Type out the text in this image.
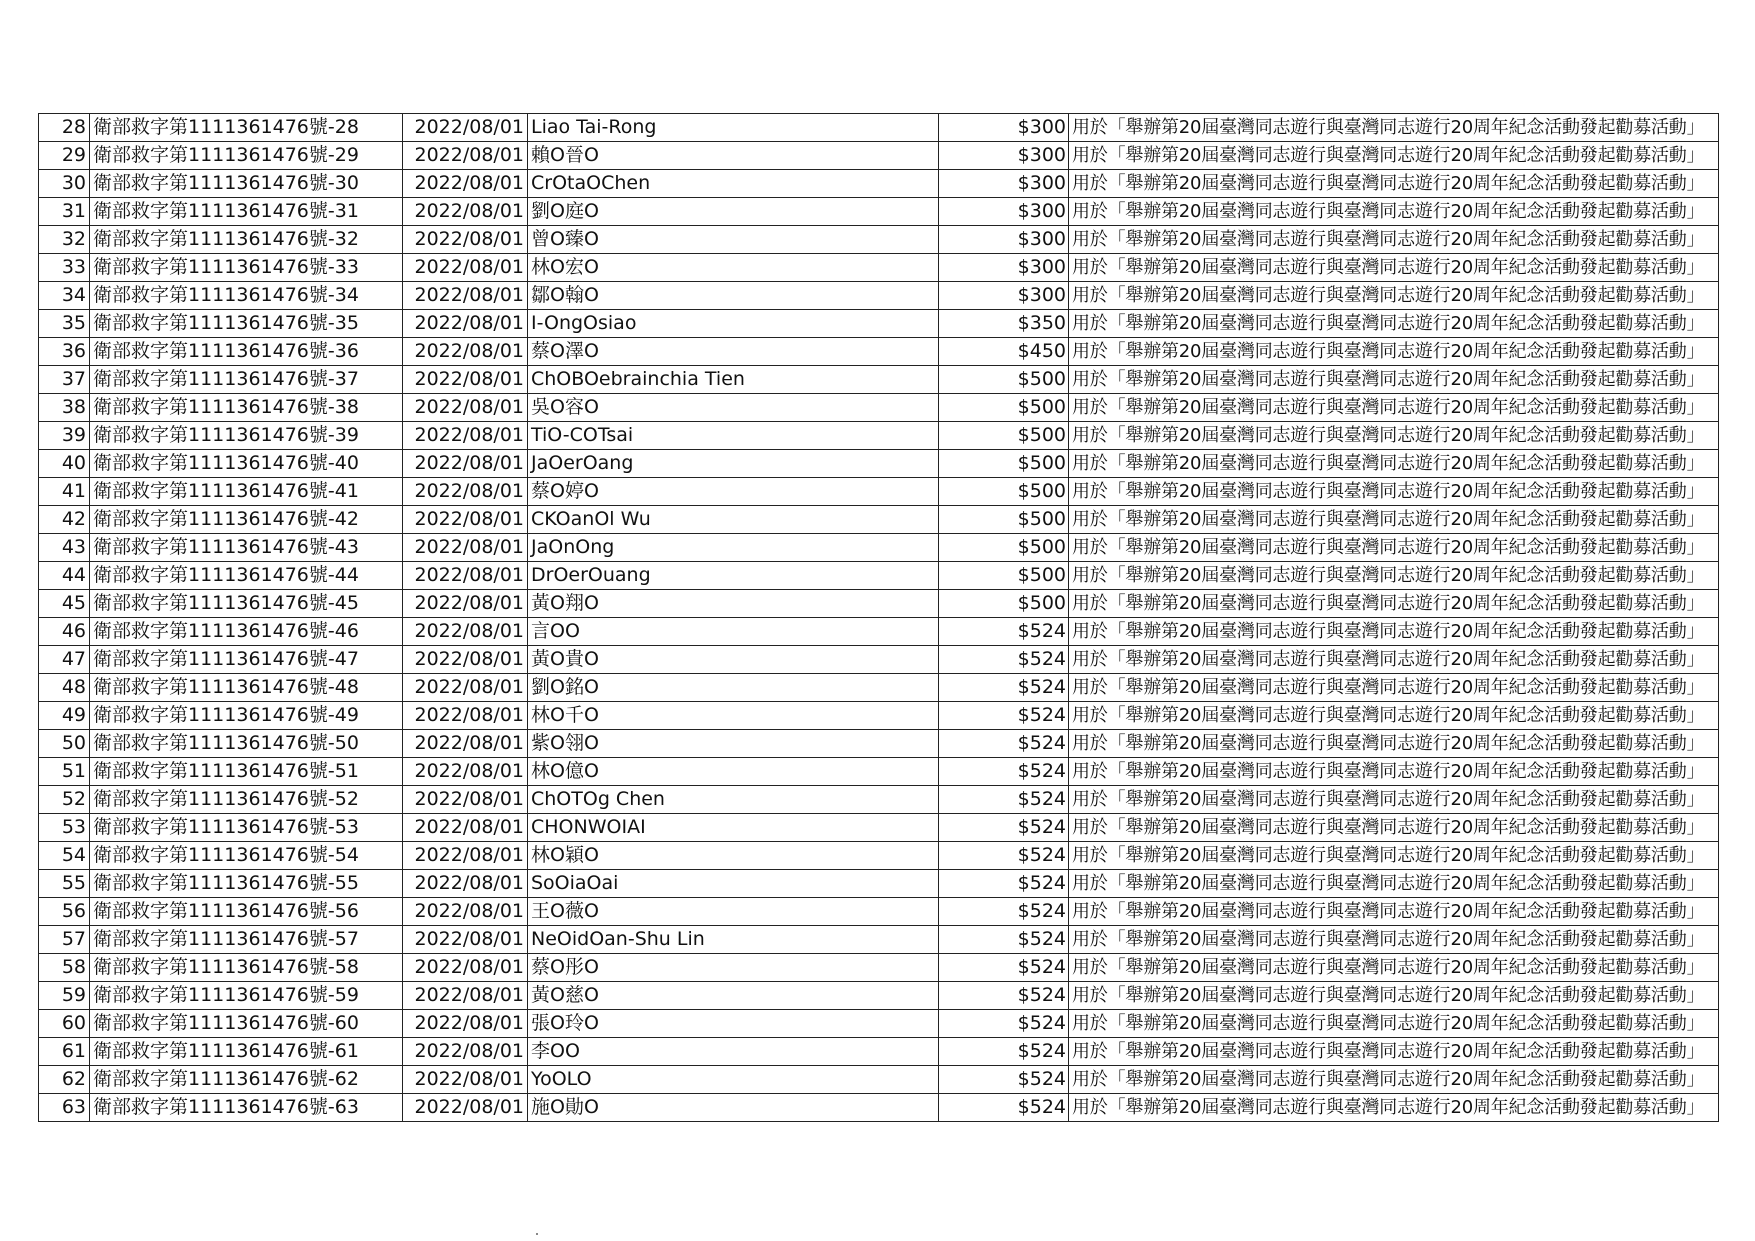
28	衛部救字第1111361476號-28	2022/08/01	Liao Tai-Rong	$300	用於「舉辦第20屆臺灣同志遊行與臺灣同志遊行20周年紀念活動發起勸募活動」
29	衛部救字第1111361476號-29	2022/08/01	賴O晉O	$300	用於「舉辦第20屆臺灣同志遊行與臺灣同志遊行20周年紀念活動發起勸募活動」
30	衛部救字第1111361476號-30	2022/08/01	CrOtaOChen	$300	用於「舉辦第20屆臺灣同志遊行與臺灣同志遊行20周年紀念活動發起勸募活動」
31	衛部救字第1111361476號-31	2022/08/01	劉O庭O	$300	用於「舉辦第20屆臺灣同志遊行與臺灣同志遊行20周年紀念活動發起勸募活動」
32	衛部救字第1111361476號-32	2022/08/01	曾O臻O	$300	用於「舉辦第20屆臺灣同志遊行與臺灣同志遊行20周年紀念活動發起勸募活動」
33	衛部救字第1111361476號-33	2022/08/01	林O宏O	$300	用於「舉辦第20屆臺灣同志遊行與臺灣同志遊行20周年紀念活動發起勸募活動」
34	衛部救字第1111361476號-34	2022/08/01	鄒O翰O	$300	用於「舉辦第20屆臺灣同志遊行與臺灣同志遊行20周年紀念活動發起勸募活動」
35	衛部救字第1111361476號-35	2022/08/01	I-OngOsiao	$350	用於「舉辦第20屆臺灣同志遊行與臺灣同志遊行20周年紀念活動發起勸募活動」
36	衛部救字第1111361476號-36	2022/08/01	蔡O澤O	$450	用於「舉辦第20屆臺灣同志遊行與臺灣同志遊行20周年紀念活動發起勸募活動」
37	衛部救字第1111361476號-37	2022/08/01	ChOBOebrainchia Tien	$500	用於「舉辦第20屆臺灣同志遊行與臺灣同志遊行20周年紀念活動發起勸募活動」
38	衛部救字第1111361476號-38	2022/08/01	吳O容O	$500	用於「舉辦第20屆臺灣同志遊行與臺灣同志遊行20周年紀念活動發起勸募活動」
39	衛部救字第1111361476號-39	2022/08/01	TiO-COTsai	$500	用於「舉辦第20屆臺灣同志遊行與臺灣同志遊行20周年紀念活動發起勸募活動」
40	衛部救字第1111361476號-40	2022/08/01	JaOerOang	$500	用於「舉辦第20屆臺灣同志遊行與臺灣同志遊行20周年紀念活動發起勸募活動」
41	衛部救字第1111361476號-41	2022/08/01	蔡O婷O	$500	用於「舉辦第20屆臺灣同志遊行與臺灣同志遊行20周年紀念活動發起勸募活動」
42	衛部救字第1111361476號-42	2022/08/01	CKOanOl Wu	$500	用於「舉辦第20屆臺灣同志遊行與臺灣同志遊行20周年紀念活動發起勸募活動」
43	衛部救字第1111361476號-43	2022/08/01	JaOnOng	$500	用於「舉辦第20屆臺灣同志遊行與臺灣同志遊行20周年紀念活動發起勸募活動」
44	衛部救字第1111361476號-44	2022/08/01	DrOerOuang	$500	用於「舉辦第20屆臺灣同志遊行與臺灣同志遊行20周年紀念活動發起勸募活動」
45	衛部救字第1111361476號-45	2022/08/01	黃O翔O	$500	用於「舉辦第20屆臺灣同志遊行與臺灣同志遊行20周年紀念活動發起勸募活動」
46	衛部救字第1111361476號-46	2022/08/01	言OO	$524	用於「舉辦第20屆臺灣同志遊行與臺灣同志遊行20周年紀念活動發起勸募活動」
47	衛部救字第1111361476號-47	2022/08/01	黃O貴O	$524	用於「舉辦第20屆臺灣同志遊行與臺灣同志遊行20周年紀念活動發起勸募活動」
48	衛部救字第1111361476號-48	2022/08/01	劉O銘O	$524	用於「舉辦第20屆臺灣同志遊行與臺灣同志遊行20周年紀念活動發起勸募活動」
49	衛部救字第1111361476號-49	2022/08/01	林O千O	$524	用於「舉辦第20屆臺灣同志遊行與臺灣同志遊行20周年紀念活動發起勸募活動」
50	衛部救字第1111361476號-50	2022/08/01	紫O翎O	$524	用於「舉辦第20屆臺灣同志遊行與臺灣同志遊行20周年紀念活動發起勸募活動」
51	衛部救字第1111361476號-51	2022/08/01	林O億O	$524	用於「舉辦第20屆臺灣同志遊行與臺灣同志遊行20周年紀念活動發起勸募活動」
52	衛部救字第1111361476號-52	2022/08/01	ChOTOg Chen	$524	用於「舉辦第20屆臺灣同志遊行與臺灣同志遊行20周年紀念活動發起勸募活動」
53	衛部救字第1111361476號-53	2022/08/01	CHONWOIAI	$524	用於「舉辦第20屆臺灣同志遊行與臺灣同志遊行20周年紀念活動發起勸募活動」
54	衛部救字第1111361476號-54	2022/08/01	林O穎O	$524	用於「舉辦第20屆臺灣同志遊行與臺灣同志遊行20周年紀念活動發起勸募活動」
55	衛部救字第1111361476號-55	2022/08/01	SoOiaOai	$524	用於「舉辦第20屆臺灣同志遊行與臺灣同志遊行20周年紀念活動發起勸募活動」
56	衛部救字第1111361476號-56	2022/08/01	王O薇O	$524	用於「舉辦第20屆臺灣同志遊行與臺灣同志遊行20周年紀念活動發起勸募活動」
57	衛部救字第1111361476號-57	2022/08/01	NeOidOan-Shu Lin	$524	用於「舉辦第20屆臺灣同志遊行與臺灣同志遊行20周年紀念活動發起勸募活動」
58	衛部救字第1111361476號-58	2022/08/01	蔡O彤O	$524	用於「舉辦第20屆臺灣同志遊行與臺灣同志遊行20周年紀念活動發起勸募活動」
59	衛部救字第1111361476號-59	2022/08/01	黃O慈O	$524	用於「舉辦第20屆臺灣同志遊行與臺灣同志遊行20周年紀念活動發起勸募活動」
60	衛部救字第1111361476號-60	2022/08/01	張O玲O	$524	用於「舉辦第20屆臺灣同志遊行與臺灣同志遊行20周年紀念活動發起勸募活動」
61	衛部救字第1111361476號-61	2022/08/01	李OO	$524	用於「舉辦第20屆臺灣同志遊行與臺灣同志遊行20周年紀念活動發起勸募活動」
62	衛部救字第1111361476號-62	2022/08/01	YoOLO	$524	用於「舉辦第20屆臺灣同志遊行與臺灣同志遊行20周年紀念活動發起勸募活動」
63	衛部救字第1111361476號-63	2022/08/01	施O勛O	$524	用於「舉辦第20屆臺灣同志遊行與臺灣同志遊行20周年紀念活動發起勸募活動」
